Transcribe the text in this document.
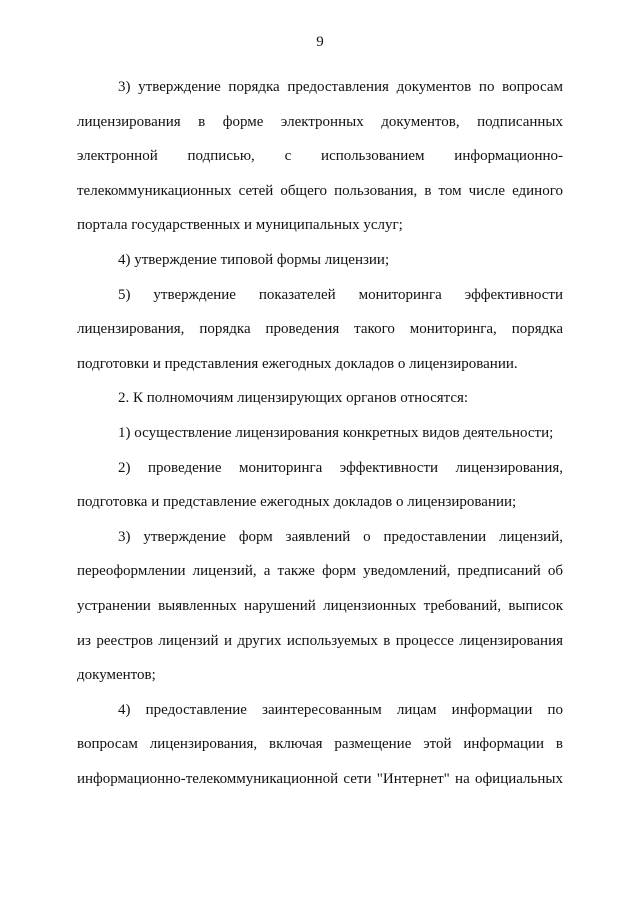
9

3) утверждение порядка предоставления документов по вопросам лицензирования в форме электронных документов, подписанных электронной подписью, с использованием информационно-телекоммуникационных сетей общего пользования, в том числе единого портала государственных и муниципальных услуг;

4) утверждение типовой формы лицензии;

5) утверждение показателей мониторинга эффективности лицензирования, порядка проведения такого мониторинга, порядка подготовки и представления ежегодных докладов о лицензировании.

2. К полномочиям лицензирующих органов относятся:

1) осуществление лицензирования конкретных видов деятельности;

2) проведение мониторинга эффективности лицензирования, подготовка и представление ежегодных докладов о лицензировании;

3) утверждение форм заявлений о предоставлении лицензий, переоформлении лицензий, а также форм уведомлений, предписаний об устранении выявленных нарушений лицензионных требований, выписок из реестров лицензий и других используемых в процессе лицензирования документов;

4) предоставление заинтересованным лицам информации по вопросам лицензирования, включая размещение этой информации в информационно-телекоммуникационной сети "Интернет" на официальных
